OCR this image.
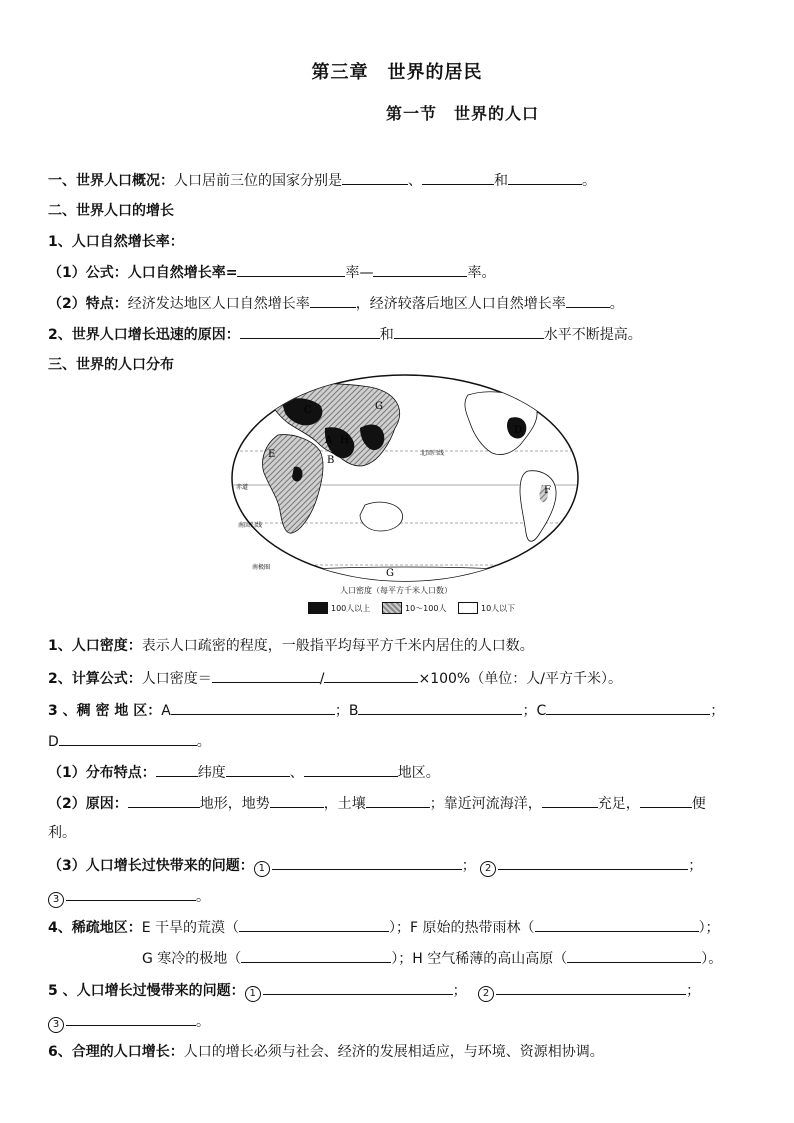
第三章　世界的居民
第一节　世界的人口
一、世界人口概况：人口居前三位的国家分别是	、	和	。
二、世界人口的增长
1、人口自然增长率：
（1）公式：人口自然增长率=	率—	率。
（2）特点：经济发达地区人口自然增长率	，经济较落后地区人口自然增长率	。
2、世界人口增长迅速的原因：	和	水平不断提高。
三、世界的人口分布
A
B
C
D
E
F
G
H
G
北回归线
赤道
南回归线
南极圈
人口密度（每平方千米人口数）
100人以上	10～100人	10人以下
1、人口密度：表示人口疏密的程度，一般指平均每平方千米内居住的人口数。
2、计算公式：人口密度＝	/	×100%（单位：人/平方千米）。
3 、稠 密 地 区：A	；B	；C	；
D	。
（1）分布特点：	纬度	、	地区。
（2）原因：	地形，地势	，土壤	；靠近河流海洋，	充足，	便
利。
（3）人口增长过快带来的问题： 1	； 2	；
3	。
4、稀疏地区：E 干旱的荒漠（	）；F 原始的热带雨林（	）；
G 寒冷的极地（	）；H 空气稀薄的高山高原（	）。
5 、人口增长过慢带来的问题： 1	；　 2	；
3	。
6、合理的人口增长：人口的增长必须与社会、经济的发展相适应，与环境、资源相协调。
